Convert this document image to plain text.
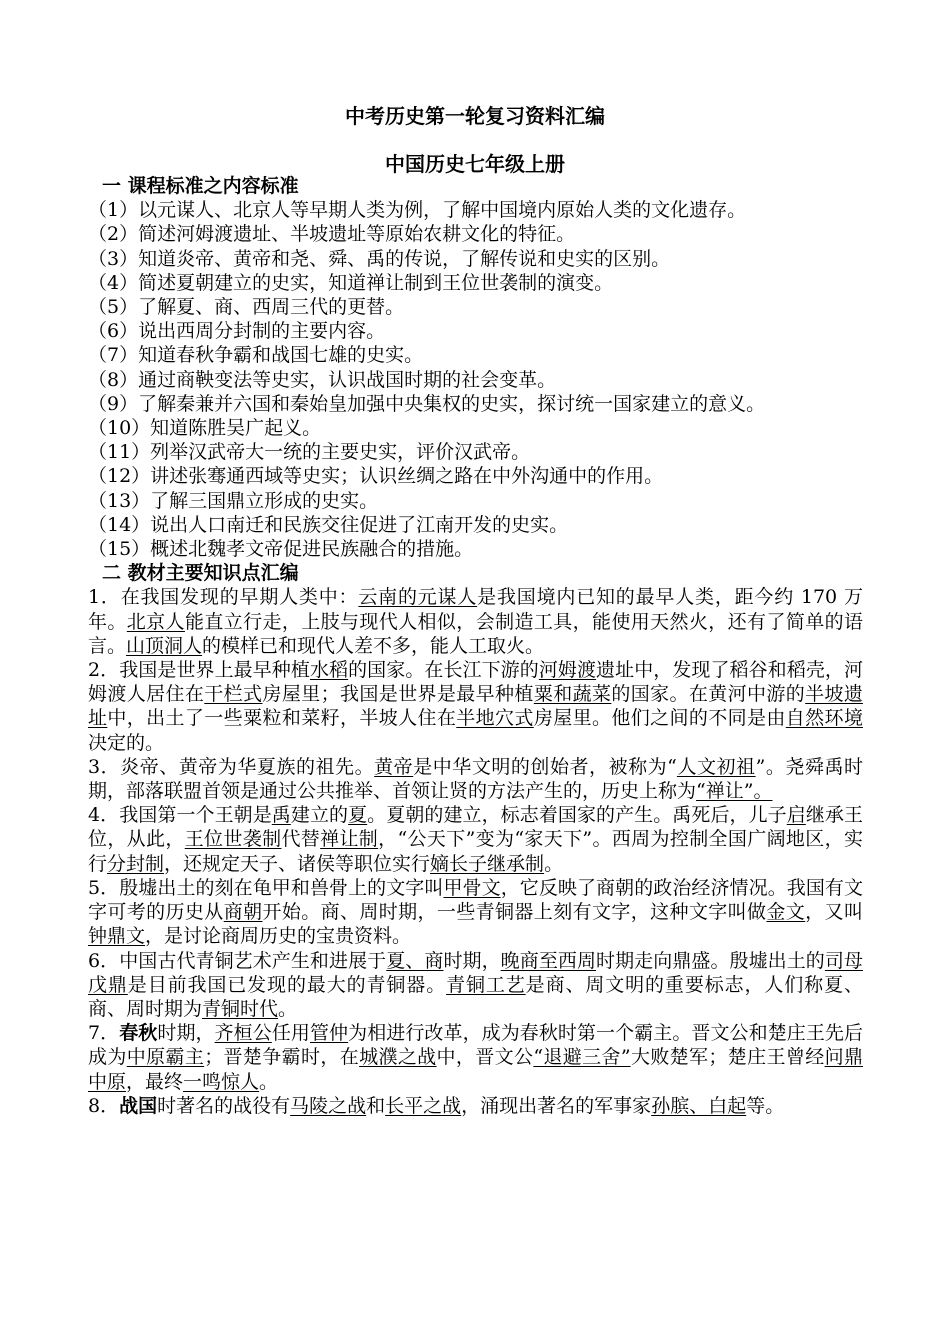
中考历史第一轮复习资料汇编
中国历史七年级上册
一 课程标准之内容标准
（1）以元谋人、北京人等早期人类为例，了解中国境内原始人类的文化遗存。
（2）简述河姆渡遗址、半坡遗址等原始农耕文化的特征。
（3）知道炎帝、黄帝和尧、舜、禹的传说，了解传说和史实的区别。
（4）简述夏朝建立的史实，知道禅让制到王位世袭制的演变。
（5）了解夏、商、西周三代的更替。
（6）说出西周分封制的主要内容。
（7）知道春秋争霸和战国七雄的史实。
（8）通过商鞅变法等史实，认识战国时期的社会变革。
（9）了解秦兼并六国和秦始皇加强中央集权的史实，探讨统一国家建立的意义。
（10）知道陈胜吴广起义。
（11）列举汉武帝大一统的主要史实，评价汉武帝。
（12）讲述张骞通西域等史实；认识丝绸之路在中外沟通中的作用。
（13）了解三国鼎立形成的史实。
（14）说出人口南迁和民族交往促进了江南开发的史实。
（15）概述北魏孝文帝促进民族融合的措施。
二 教材主要知识点汇编
1．在我国发现的早期人类中：云南的元谋人是我国境内已知的最早人类，距今约 170 万年。北京人能直立行走，上肢与现代人相似，会制造工具，能使用天然火，还有了简单的语言。山顶洞人的模样已和现代人差不多，能人工取火。
2．我国是世界上最早种植水稻的国家。在长江下游的河姆渡遗址中，发现了稻谷和稻壳，河姆渡人居住在干栏式房屋里；我国是世界是最早种植粟和蔬菜的国家。在黄河中游的半坡遗址中，出土了一些粟粒和菜籽，半坡人住在半地穴式房屋里。他们之间的不同是由自然环境决定的。
3．炎帝、黄帝为华夏族的祖先。黄帝是中华文明的创始者，被称为“人文初祖”。尧舜禹时期，部落联盟首领是通过公共推举、首领让贤的方法产生的，历史上称为“禅让”。
4．我国第一个王朝是禹建立的夏。夏朝的建立，标志着国家的产生。禹死后，儿子启继承王位，从此，王位世袭制代替禅让制，“公天下”变为“家天下”。西周为控制全国广阔地区，实行分封制，还规定天子、诸侯等职位实行嫡长子继承制。
5．殷墟出土的刻在龟甲和兽骨上的文字叫甲骨文，它反映了商朝的政治经济情况。我国有文字可考的历史从商朝开始。商、周时期，一些青铜器上刻有文字，这种文字叫做金文，又叫钟鼎文，是讨论商周历史的宝贵资料。
6．中国古代青铜艺术产生和进展于夏、商时期，晚商至西周时期走向鼎盛。殷墟出土的司母戊鼎是目前我国已发现的最大的青铜器。青铜工艺是商、周文明的重要标志，人们称夏、商、周时期为青铜时代。
7．春秋时期，齐桓公任用管仲为相进行改革，成为春秋时第一个霸主。晋文公和楚庄王先后成为中原霸主；晋楚争霸时，在城濮之战中，晋文公“退避三舍”大败楚军；楚庄王曾经问鼎中原，最终一鸣惊人。
8．战国时著名的战役有马陵之战和长平之战，涌现出著名的军事家孙膑、白起等。
